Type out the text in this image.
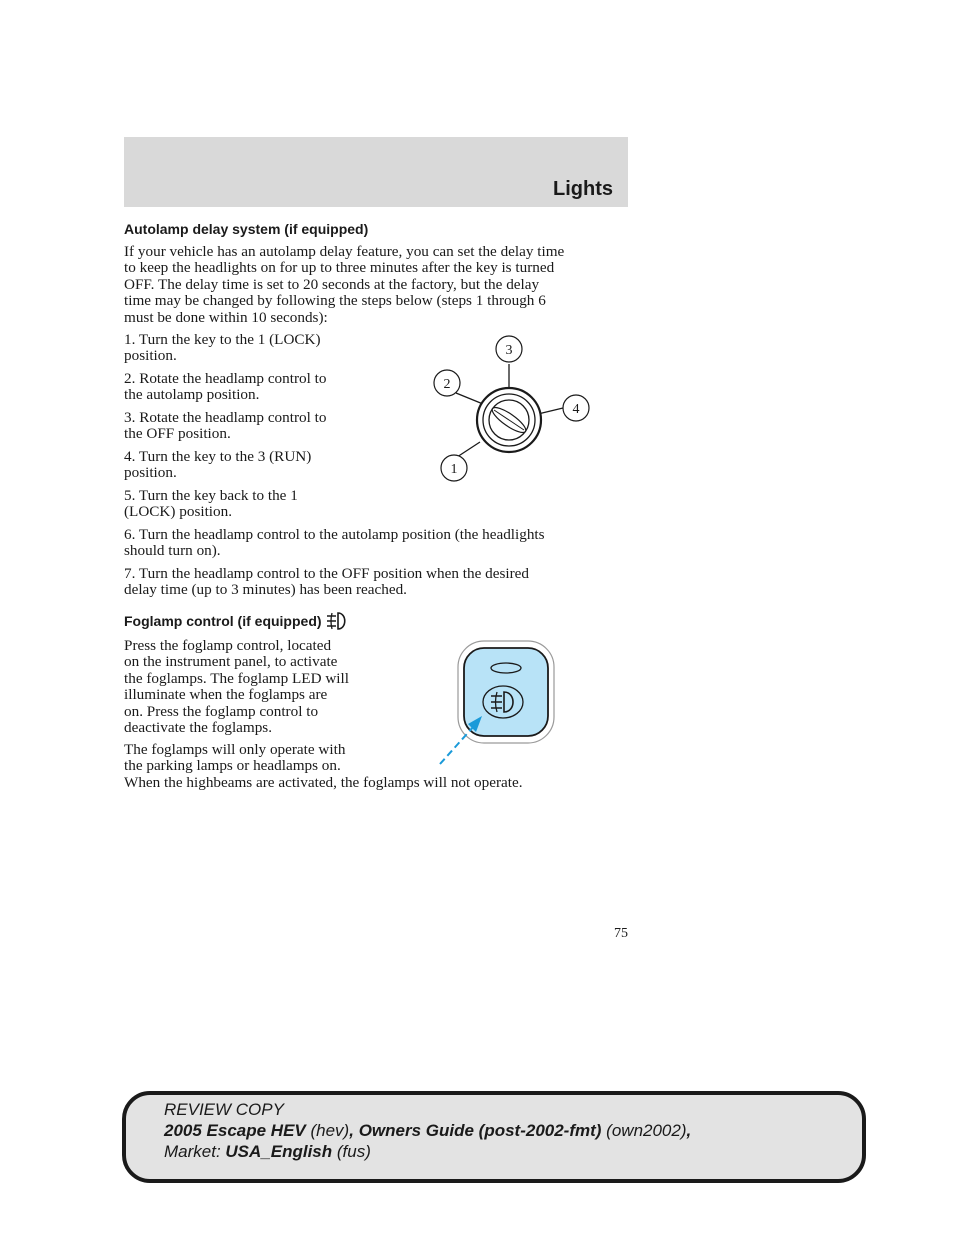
Lights
Autolamp delay system (if equipped)
If your vehicle has an autolamp delay feature, you can set the delay time
to keep the headlights on for up to three minutes after the key is turned
OFF. The delay time is set to 20 seconds at the factory, but the delay
time may be changed by following the steps below (steps 1 through 6
must be done within 10 seconds):
1. Turn the key to the 1 (LOCK)
position.
2. Rotate the headlamp control to
the autolamp position.
3. Rotate the headlamp control to
the OFF position.
4. Turn the key to the 3 (RUN)
position.
5. Turn the key back to the 1
(LOCK) position.
6. Turn the headlamp control to the autolamp position (the headlights
should turn on).
7. Turn the headlamp control to the OFF position when the desired
delay time (up to 3 minutes) has been reached.
3
2
4
1
Foglamp control (if equipped)
Press the foglamp control, located
on the instrument panel, to activate
the foglamps. The foglamp LED will
illuminate when the foglamps are
on. Press the foglamp control to
deactivate the foglamps.
The foglamps will only operate with
the parking lamps or headlamps on.
When the highbeams are activated, the foglamps will not operate.
75
REVIEW COPY
2005 Escape HEV (hev), Owners Guide (post-2002-fmt) (own2002),
Market: USA_English (fus)
